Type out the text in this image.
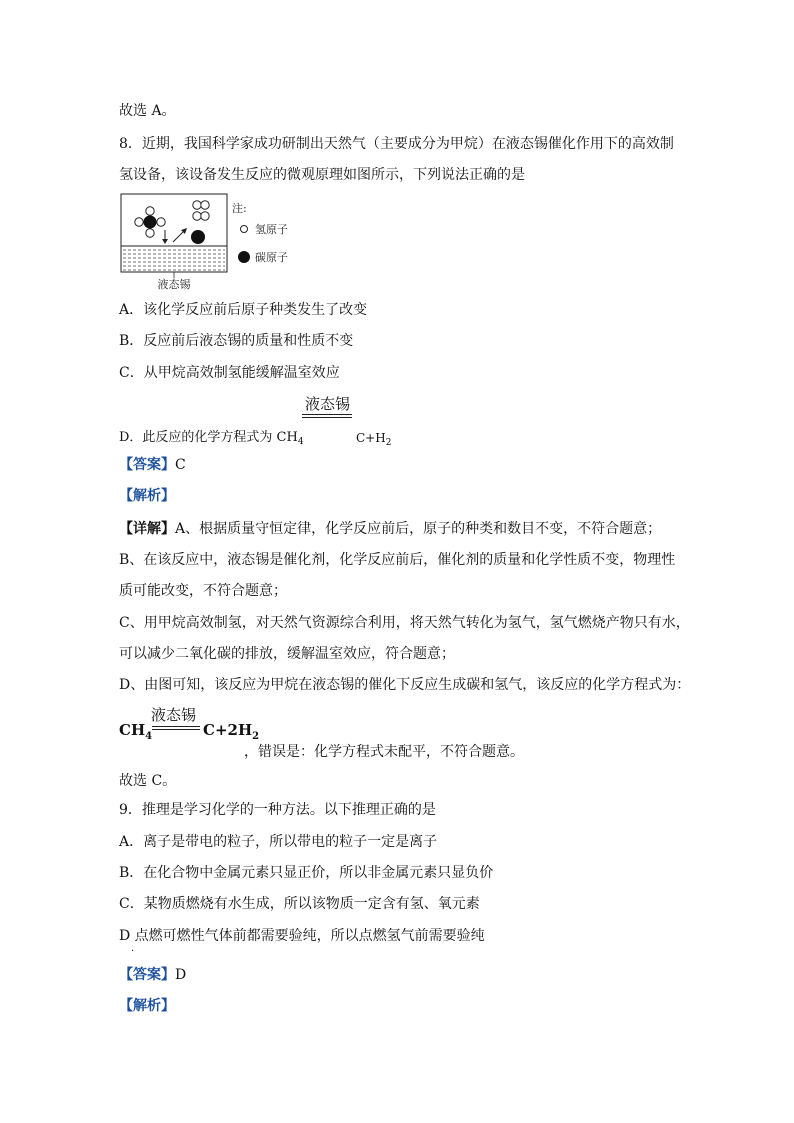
故选 A。
8．近期，我国科学家成功研制出天然气（主要成分为甲烷）在液态锡催化作用下的高效制
氢设备，该设备发生反应的微观原理如图所示，下列说法正确的是
液态锡
注:
氢原子
碳原子
A．该化学反应前后原子种类发生了改变
B．反应前后液态锡的质量和性质不变
C．从甲烷高效制氢能缓解温室效应
D．此反应的化学方程式为 $CH_4$
液态锡
$C+H_2$
【答案】C
【解析】
【详解】A、根据质量守恒定律，化学反应前后，原子的种类和数目不变，不符合题意；
B、在该反应中，液态锡是催化剂，化学反应前后，催化剂的质量和化学性质不变，物理性
质可能改变，不符合题意；
C、用甲烷高效制氢，对天然气资源综合利用，将天然气转化为氢气，氢气燃烧产物只有水，
可以减少二氧化碳的排放，缓解温室效应，符合题意；
D、由图可知，该反应为甲烷在液态锡的催化下反应生成碳和氢气，该反应的化学方程式为：
$CH_4$
液态锡
$C+2H_2$
，错误是：化学方程式未配平，不符合题意。
故选 C。
9．推理是学习化学的一种方法。以下推理正确的是
A．离子是带电的粒子，所以带电的粒子一定是离子
B．在化合物中金属元素只显正价，所以非金属元素只显负价
C．某物质燃烧有水生成，所以该物质一定含有氢、氧元素
D 点燃可燃性气体前都需要验纯，所以点燃氢气前需要验纯
·
【答案】D
【解析】
